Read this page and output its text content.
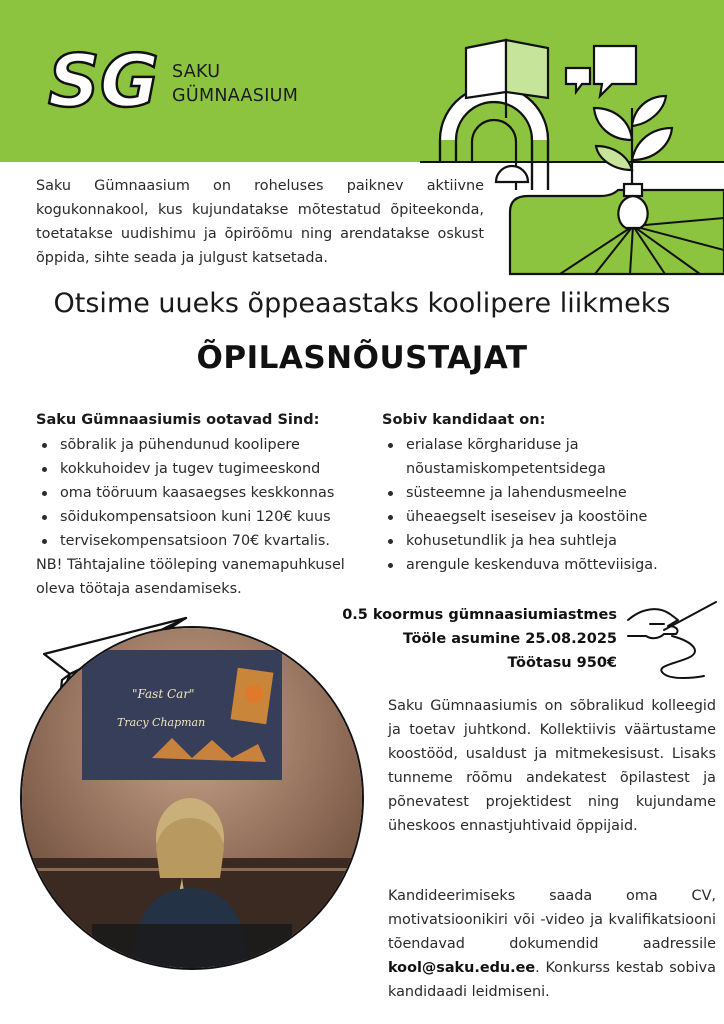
SG SAKU
GÜMNAASIUM

Saku Gümnaasium on roheluses paiknev aktiivne kogukonnakool, kus kujundatakse mõtestatud õpiteekonda, toetatakse uudishimu ja õpirõõmu ning arendatakse oskust õppida, sihte seada ja julgust katsetada.

Otsime uueks õppeaastaks koolipere liikmeks
ÕPILASNÕUSTAJAT
Saku Gümnaasiumis ootavad Sind:
sõbralik ja pühendunud koolipere
kokkuhoidev ja tugev tugimeeskond
oma tööruum kaasaegses keskkonnas
sõidukompensatsioon kuni 120€ kuus
tervisekompensatsioon 70€ kvartalis.

NB! Tähtajaline tööleping vanemapuhkusel oleva töötaja asendamiseks.

Sobiv kandidaat on:
erialase kõrghariduse ja nõustamiskompetentsidega
süsteemne ja lahendusmeelne
üheaegselt iseseisev ja koostöine
kohusetundlik ja hea suhtleja
arengule keskenduva mõtteviisiga.
0.5 koormus gümnaasiumiastmes
Tööle asumine 25.08.2025
Töötasu 950€
"Fast Car"
Tracy Chapman

Saku Gümnaasiumis on sõbralikud kolleegid ja toetav juhtkond. Kollektiivis väärtustame koostööd, usaldust ja mitmekesisust. Lisaks tunneme rõõmu andekatest õpilastest ja põnevatest projektidest ning kujundame üheskoos ennastjuhtivaid õppijaid.

Kandideerimiseks saada oma CV, motivatsioonikiri või -video ja kvalifikatsiooni tõendavad dokumendid aadressile kool@saku.edu.ee. Konkurss kestab sobiva kandidaadi leidmiseni.
